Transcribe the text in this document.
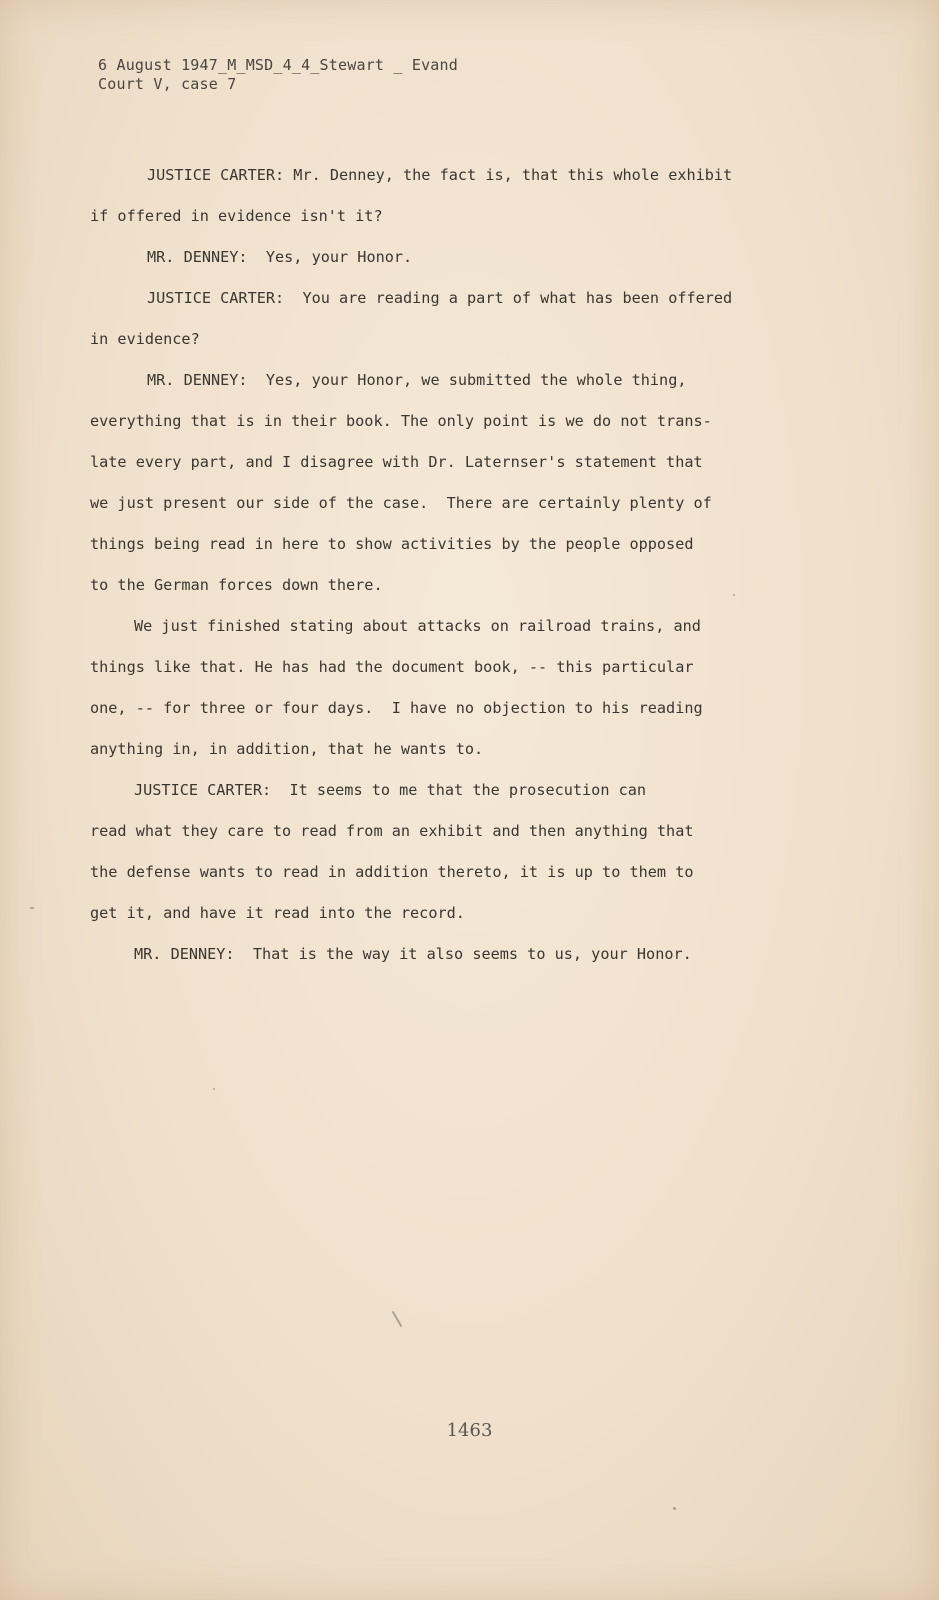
6 August 1947_M_MSD_4_4_Stewart _ Evand
Court V, case 7
JUSTICE CARTER: Mr. Denney, the fact is, that this whole exhibit
if offered in evidence isn't it?
MR. DENNEY:  Yes, your Honor.
JUSTICE CARTER:  You are reading a part of what has been offered
in evidence?
MR. DENNEY:  Yes, your Honor, we submitted the whole thing,
everything that is in their book. The only point is we do not trans-
late every part, and I disagree with Dr. Laternser's statement that
we just present our side of the case.  There are certainly plenty of
things being read in here to show activities by the people opposed
to the German forces down there.
We just finished stating about attacks on railroad trains, and
things like that. He has had the document book, -- this particular
one, -- for three or four days.  I have no objection to his reading
anything in, in addition, that he wants to.
JUSTICE CARTER:  It seems to me that the prosecution can
read what they care to read from an exhibit and then anything that
the defense wants to read in addition thereto, it is up to them to
get it, and have it read into the record.
MR. DENNEY:  That is the way it also seems to us, your Honor.
1463
